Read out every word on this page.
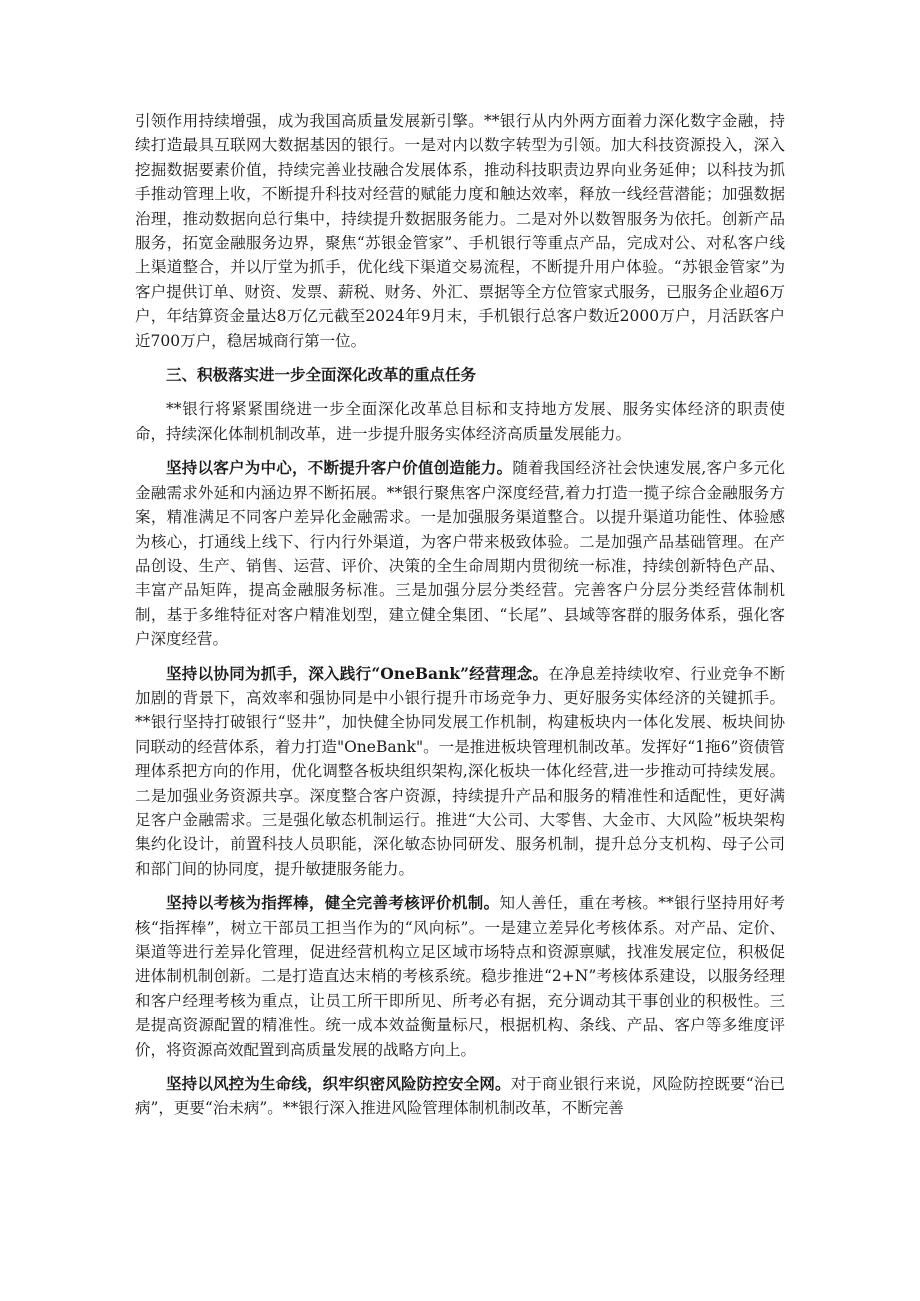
引领作用持续增强，成为我国高质量发展新引擎。**银行从内外两方面着力深化数字金融，持续打造最具互联网大数据基因的银行。一是对内以数字转型为引领。加大科技资源投入，深入挖掘数据要素价值，持续完善业技融合发展体系，推动科技职责边界向业务延伸；以科技为抓手推动管理上收，不断提升科技对经营的赋能力度和触达效率，释放一线经营潜能；加强数据治理，推动数据向总行集中，持续提升数据服务能力。二是对外以数智服务为依托。创新产品服务，拓宽金融服务边界，聚焦“苏银金管家”、手机银行等重点产品，完成对公、对私客户线上渠道整合，并以厅堂为抓手，优化线下渠道交易流程，不断提升用户体验。“苏银金管家”为客户提供订单、财资、发票、薪税、财务、外汇、票据等全方位管家式服务，已服务企业超6万户，年结算资金量达8万亿元截至2024年9月末，手机银行总客户数近2000万户，月活跃客户近700万户，稳居城商行第一位。

三、积极落实进一步全面深化改革的重点任务

**银行将紧紧围绕进一步全面深化改革总目标和支持地方发展、服务实体经济的职责使命，持续深化体制机制改革，进一步提升服务实体经济高质量发展能力。

坚持以客户为中心，不断提升客户价值创造能力。随着我国经济社会快速发展,客户多元化金融需求外延和内涵边界不断拓展。**银行聚焦客户深度经营,着力打造一揽子综合金融服务方案，精准满足不同客户差异化金融需求。一是加强服务渠道整合。以提升渠道功能性、体验感为核心，打通线上线下、行内行外渠道，为客户带来极致体验。二是加强产品基础管理。在产品创设、生产、销售、运营、评价、决策的全生命周期内贯彻统一标准，持续创新特色产品、丰富产品矩阵，提高金融服务标准。三是加强分层分类经营。完善客户分层分类经营体制机制，基于多维特征对客户精准划型，建立健全集团、“长尾”、县域等客群的服务体系，强化客户深度经营。

坚持以协同为抓手，深入践行“OneBank”经营理念。在净息差持续收窄、行业竞争不断加剧的背景下，高效率和强协同是中小银行提升市场竞争力、更好服务实体经济的关键抓手。**银行坚持打破银行“竖井”，加快健全协同发展工作机制，构建板块内一体化发展、板块间协同联动的经营体系，着力打造"OneBank"。一是推进板块管理机制改革。发挥好“1拖6”资债管理体系把方向的作用，优化调整各板块组织架构,深化板块一体化经营,进一步推动可持续发展。二是加强业务资源共享。深度整合客户资源，持续提升产品和服务的精准性和适配性，更好满足客户金融需求。三是强化敏态机制运行。推进“大公司、大零售、大金市、大风险”板块架构集约化设计，前置科技人员职能，深化敏态协同研发、服务机制，提升总分支机构、母子公司和部门间的协同度，提升敏捷服务能力。

坚持以考核为指挥棒，健全完善考核评价机制。知人善任，重在考核。**银行坚持用好考核“指挥棒”，树立干部员工担当作为的“风向标”。一是建立差异化考核体系。对产品、定价、渠道等进行差异化管理，促进经营机构立足区域市场特点和资源禀赋，找准发展定位，积极促进体制机制创新。二是打造直达末梢的考核系统。稳步推进“2+N”考核体系建设，以服务经理和客户经理考核为重点，让员工所干即所见、所考必有据，充分调动其干事创业的积极性。三是提高资源配置的精准性。统一成本效益衡量标尺，根据机构、条线、产品、客户等多维度评价，将资源高效配置到高质量发展的战略方向上。

坚持以风控为生命线，织牢织密风险防控安全网。对于商业银行来说，风险防控既要“治已病”，更要“治未病”。**银行深入推进风险管理体制机制改革，不断完善
